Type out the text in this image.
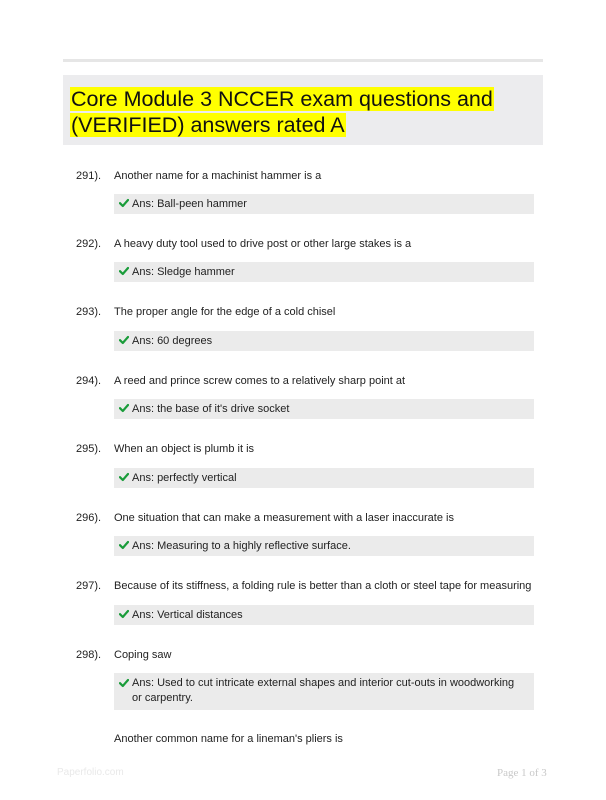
Core Module 3 NCCER exam questions and (VERIFIED) answers rated A
291). Another name for a machinist hammer is a
Ans: Ball-peen hammer
292). A heavy duty tool used to drive post or other large stakes is a
Ans: Sledge hammer
293). The proper angle for the edge of a cold chisel
Ans: 60 degrees
294). A reed and prince screw comes to a relatively sharp point at
Ans: the base of it's drive socket
295). When an object is plumb it is
Ans: perfectly vertical
296). One situation that can make a measurement with a laser inaccurate is
Ans: Measuring to a highly reflective surface.
297). Because of its stiffness, a folding rule is better than a cloth or steel tape for measuring
Ans: Vertical distances
298). Coping saw
Ans: Used to cut intricate external shapes and interior cut-outs in woodworking or carpentry.
Another common name for a lineman's pliers is
Paperfolio.com	Page 1 of 3
